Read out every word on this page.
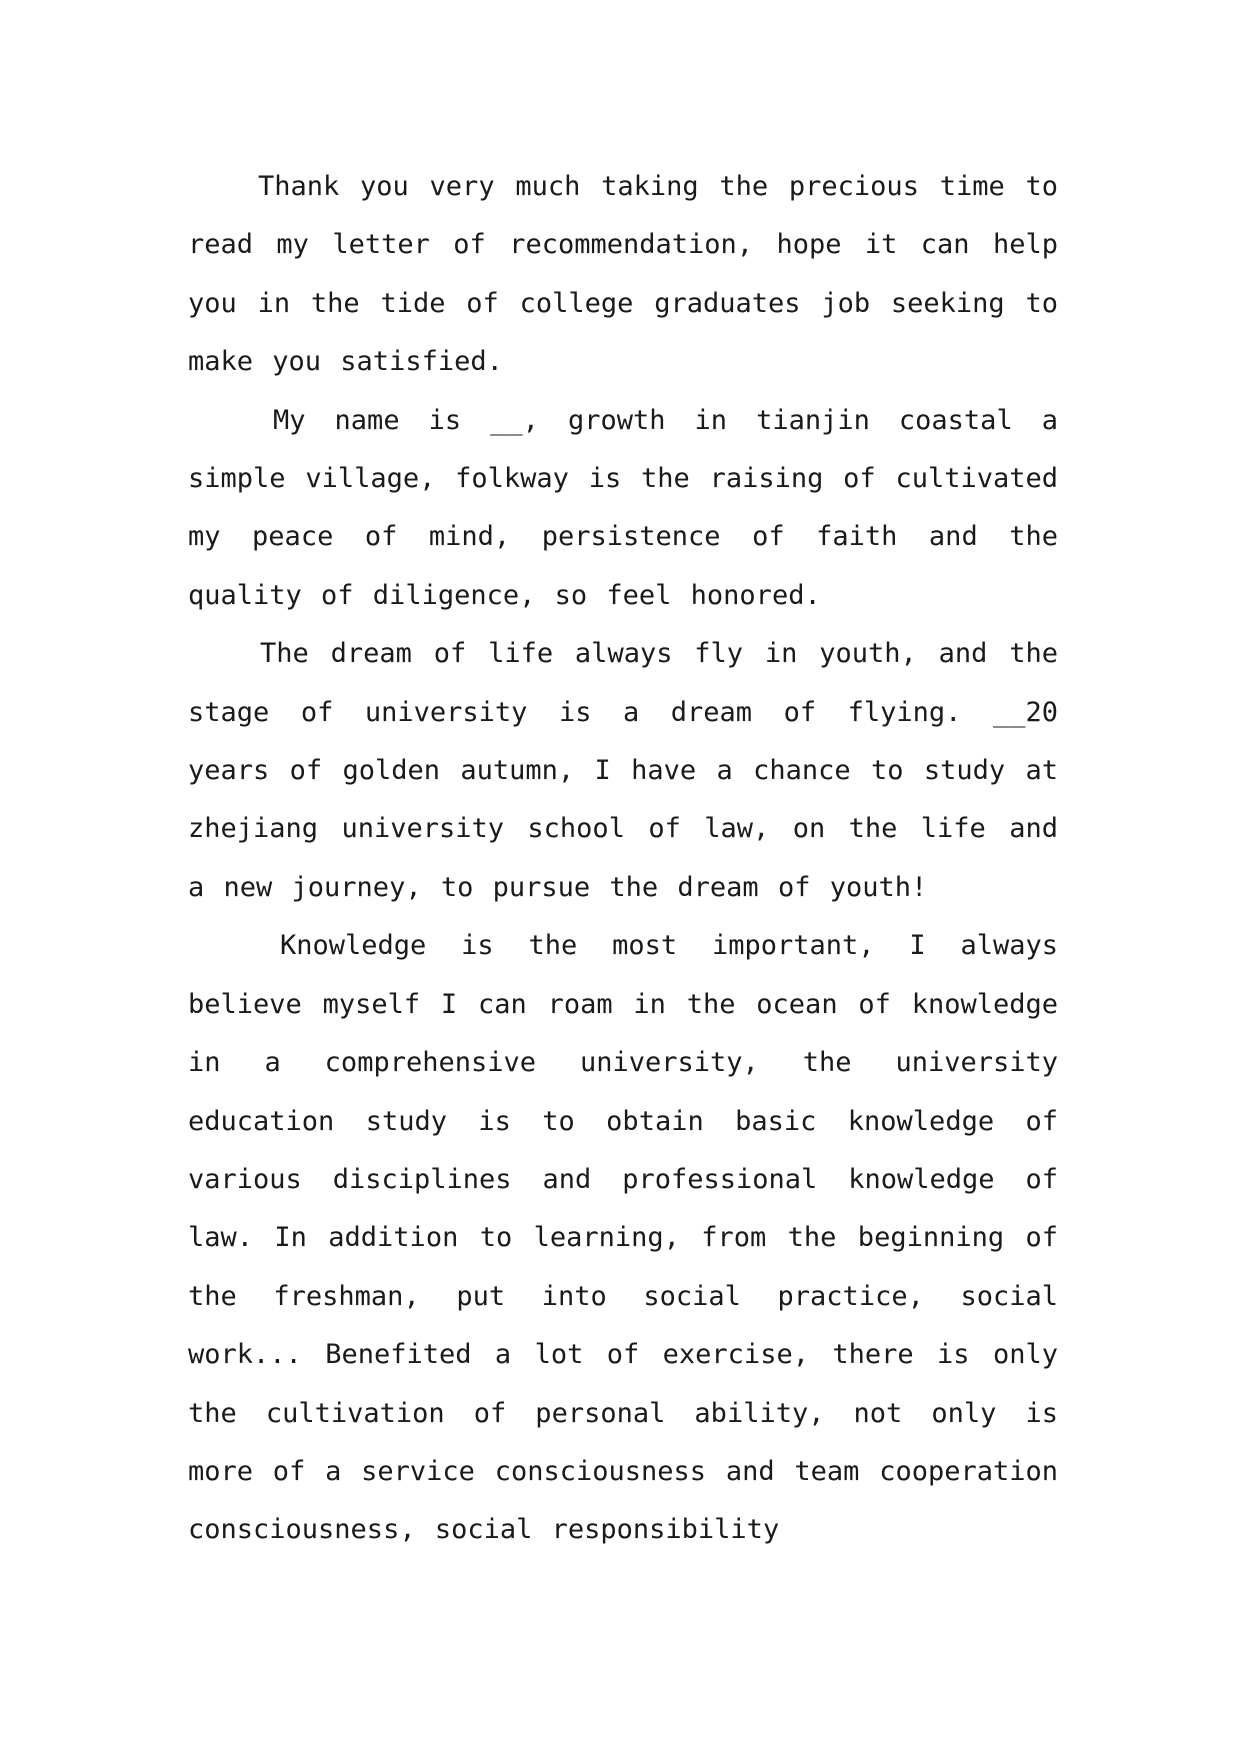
Thank you very much taking the precious time to read my letter of recommendation, hope it can help you in the tide of college graduates job seeking to make you satisfied.

My name is __, growth in tianjin coastal a simple village, folkway is the raising of cultivated my peace of mind, persistence of faith and the quality of diligence, so feel honored.

The dream of life always fly in youth, and the stage of university is a dream of flying. __20 years of golden autumn, I have a chance to study at zhejiang university school of law, on the life and a new journey, to pursue the dream of youth!

Knowledge is the most important, I always believe myself I can roam in the ocean of knowledge in a comprehensive university, the university education study is to obtain basic knowledge of various disciplines and professional knowledge of law. In addition to learning, from the beginning of the freshman, put into social practice, social work... Benefited a lot of exercise, there is only the cultivation of personal ability, not only is more of a service consciousness and team cooperation consciousness, social responsibility
